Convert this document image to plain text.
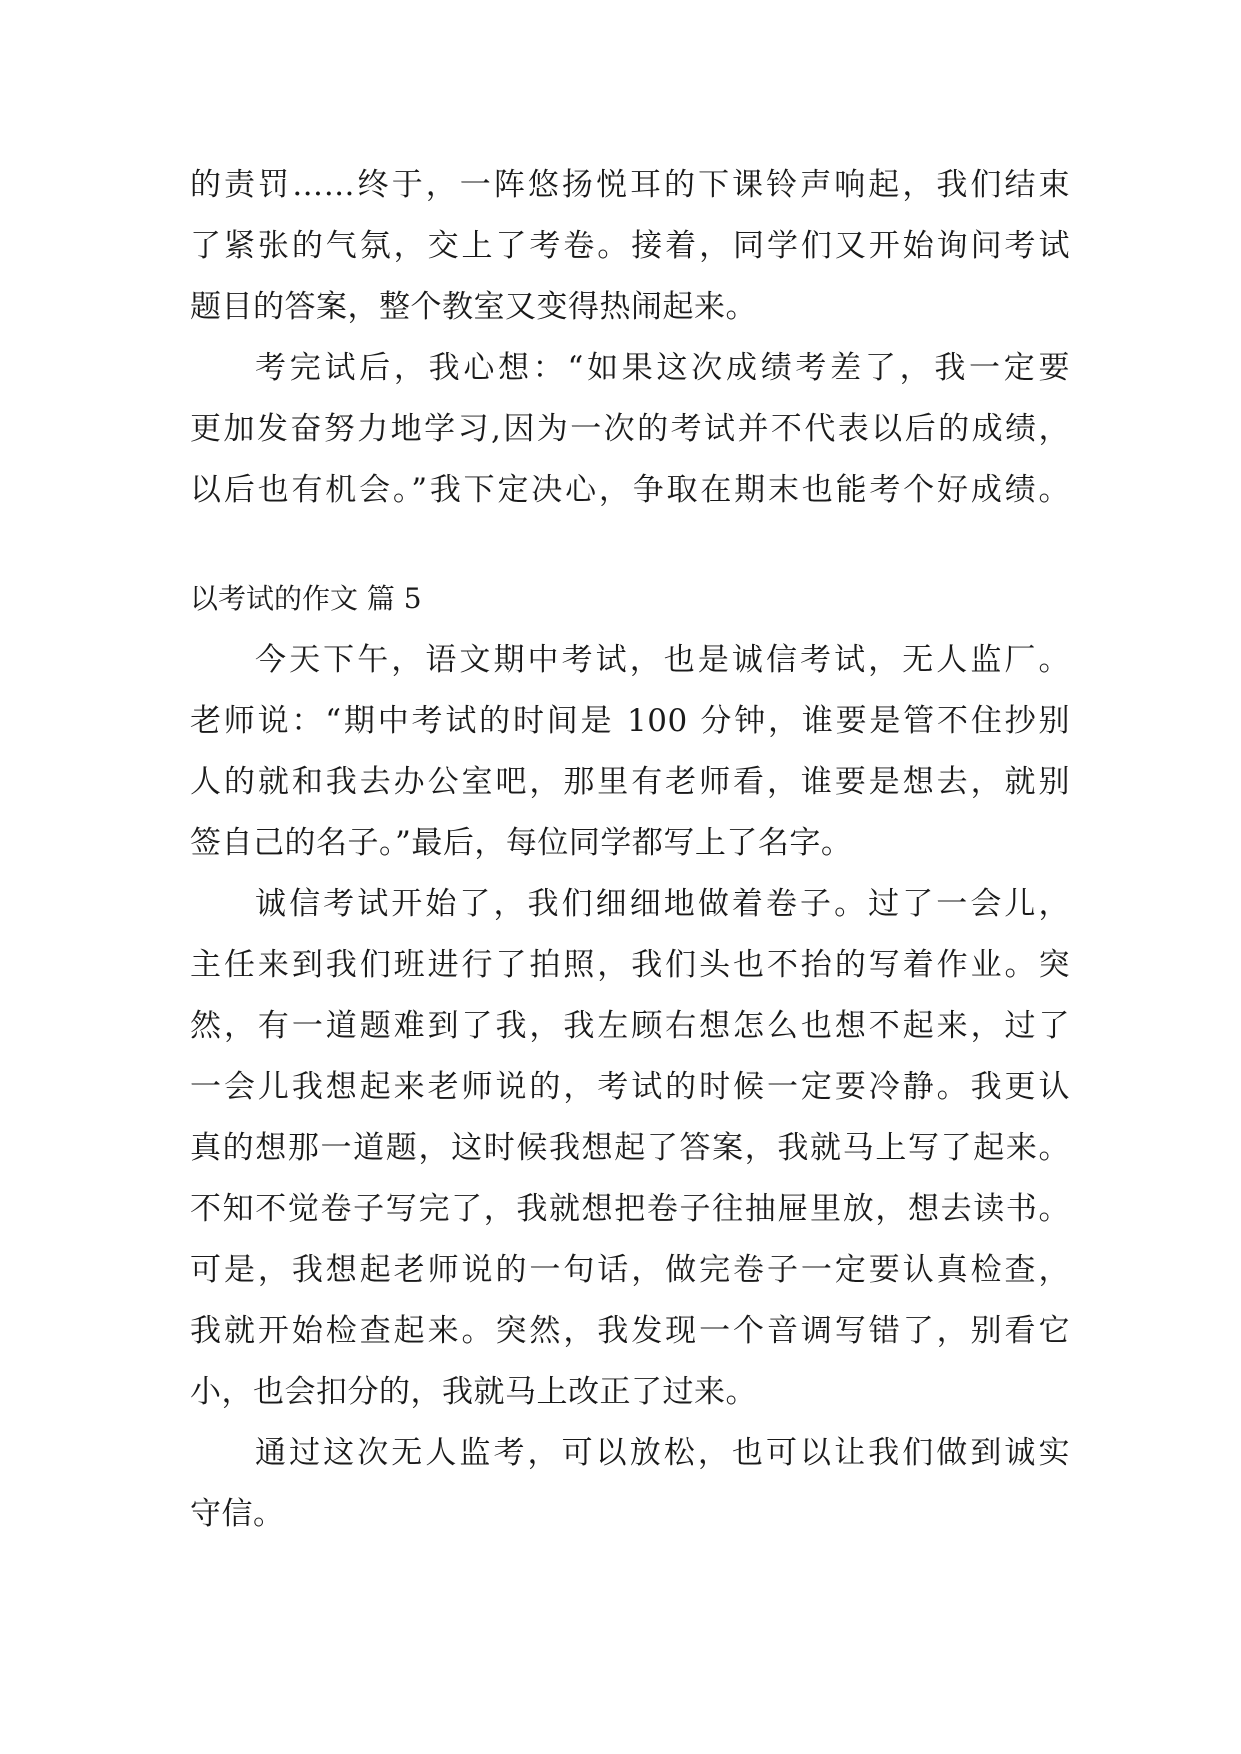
的责罚……终于，一阵悠扬悦耳的下课铃声响起，我们结束
了紧张的气氛，交上了考卷。接着，同学们又开始询问考试
题目的答案，整个教室又变得热闹起来。
考完试后，我心想：“如果这次成绩考差了，我一定要
更加发奋努力地学习,因为一次的考试并不代表以后的成绩，
以后也有机会。”我下定决心，争取在期末也能考个好成绩。
以考试的作文 篇 5
今天下午，语文期中考试，也是诚信考试，无人监厂。
老师说：“期中考试的时间是 100 分钟，谁要是管不住抄别
人的就和我去办公室吧，那里有老师看，谁要是想去，就别
签自己的名子。”最后，每位同学都写上了名字。
诚信考试开始了，我们细细地做着卷子。过了一会儿，
主任来到我们班进行了拍照，我们头也不抬的写着作业。突
然，有一道题难到了我，我左顾右想怎么也想不起来，过了
一会儿我想起来老师说的，考试的时候一定要冷静。我更认
真的想那一道题，这时候我想起了答案，我就马上写了起来。
不知不觉卷子写完了，我就想把卷子往抽屉里放，想去读书。
可是，我想起老师说的一句话，做完卷子一定要认真检查，
我就开始检查起来。突然，我发现一个音调写错了，别看它
小，也会扣分的，我就马上改正了过来。
通过这次无人监考，可以放松，也可以让我们做到诚实
守信。
